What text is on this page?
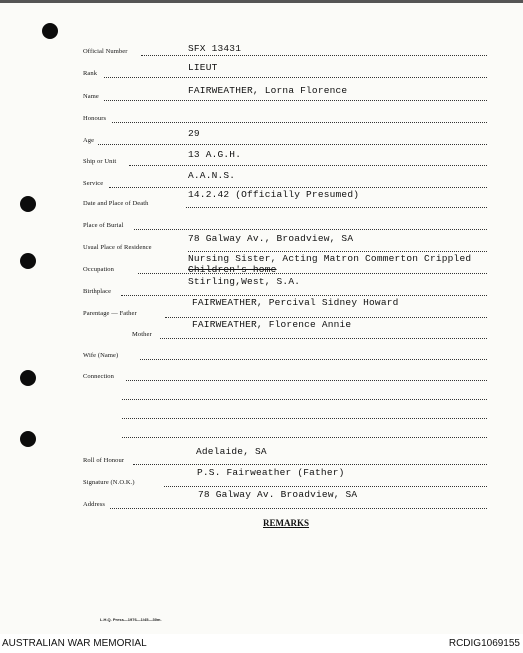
Official Number	SFX 13431
Rank
LIEUT
Name
FAIRWEATHER, Lorna Florence
Honours
Age
29
Ship or Unit
13 A.G.H.
Service
A.A.N.S.
Date and Place of Death
14.2.42 (Officially Presumed)
Place of Burial
Usual Place of Residence
78 Galway Av., Broadview, SA
Occupation
Nursing Sister, Acting Matron Commerton Crippled
Children's home
Birthplace
Stirling,West, S.A.
Parentage — Father
FAIRWEATHER, Percival Sidney Howard
Mother
FAIRWEATHER, Florence Annie
Wife (Name)
Connection
Roll of Honour
Adelaide, SA
Signature (N.O.K.)
P.S. Fairweather (Father)
Address
78 Galway Av. Broadview, SA
REMARKS
L.H.Q. Press—1976—1/45—30m.
AUSTRALIAN WAR MEMORIAL	RCDIG1069155
